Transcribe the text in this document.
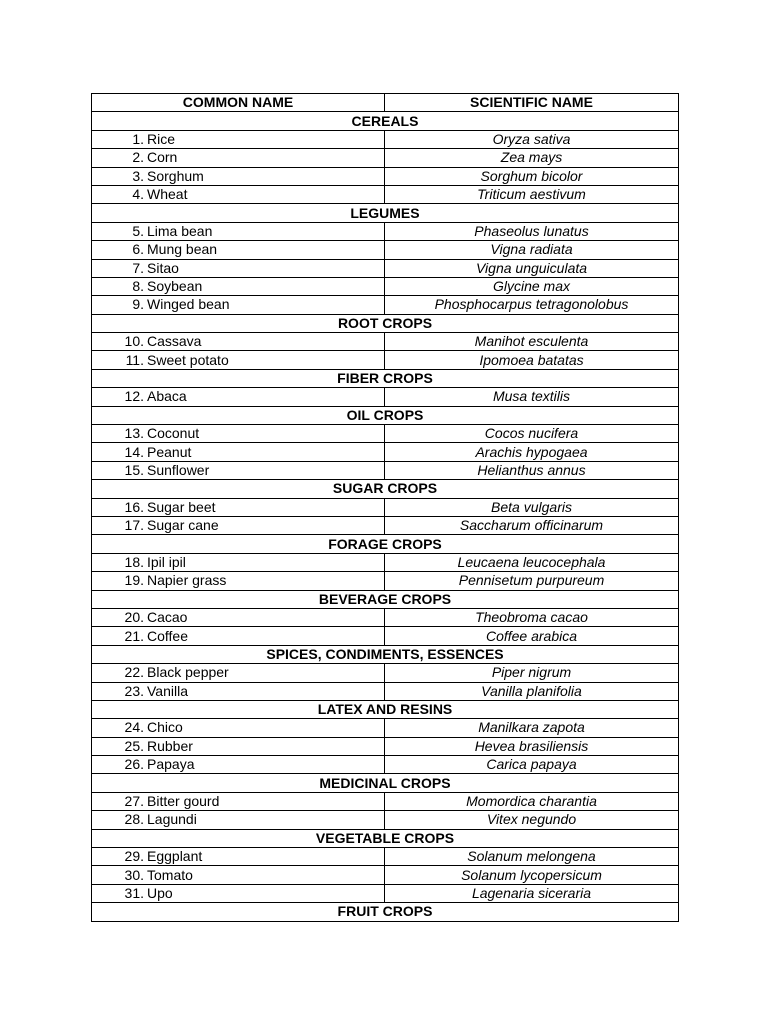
COMMON NAME	SCIENTIFIC NAME
CEREALS	
1. Rice	Oryza sativa
2. Corn	Zea mays
3. Sorghum	Sorghum bicolor
4. Wheat	Triticum aestivum
LEGUMES	
5. Lima bean	Phaseolus lunatus
6. Mung bean	Vigna radiata
7. Sitao	Vigna unguiculata
8. Soybean	Glycine max
9. Winged bean	Phosphocarpus tetragonolobus
ROOT CROPS	
10. Cassava	Manihot esculenta
11. Sweet potato	Ipomoea batatas
FIBER CROPS	
12. Abaca	Musa textilis
OIL CROPS	
13. Coconut	Cocos nucifera
14. Peanut	Arachis hypogaea
15. Sunflower	Helianthus annus
SUGAR CROPS	
16. Sugar beet	Beta vulgaris
17. Sugar cane	Saccharum officinarum
FORAGE CROPS	
18. Ipil ipil	Leucaena leucocephala
19. Napier grass	Pennisetum purpureum
BEVERAGE CROPS	
20. Cacao	Theobroma cacao
21. Coffee	Coffee arabica
SPICES, CONDIMENTS, ESSENCES	
22. Black pepper	Piper nigrum
23. Vanilla	Vanilla planifolia
LATEX AND RESINS	
24. Chico	Manilkara zapota
25. Rubber	Hevea brasiliensis
26. Papaya	Carica papaya
MEDICINAL CROPS	
27. Bitter gourd	Momordica charantia
28. Lagundi	Vitex negundo
VEGETABLE CROPS	
29. Eggplant	Solanum melongena
30. Tomato	Solanum lycopersicum
31. Upo	Lagenaria siceraria
FRUIT CROPS	
